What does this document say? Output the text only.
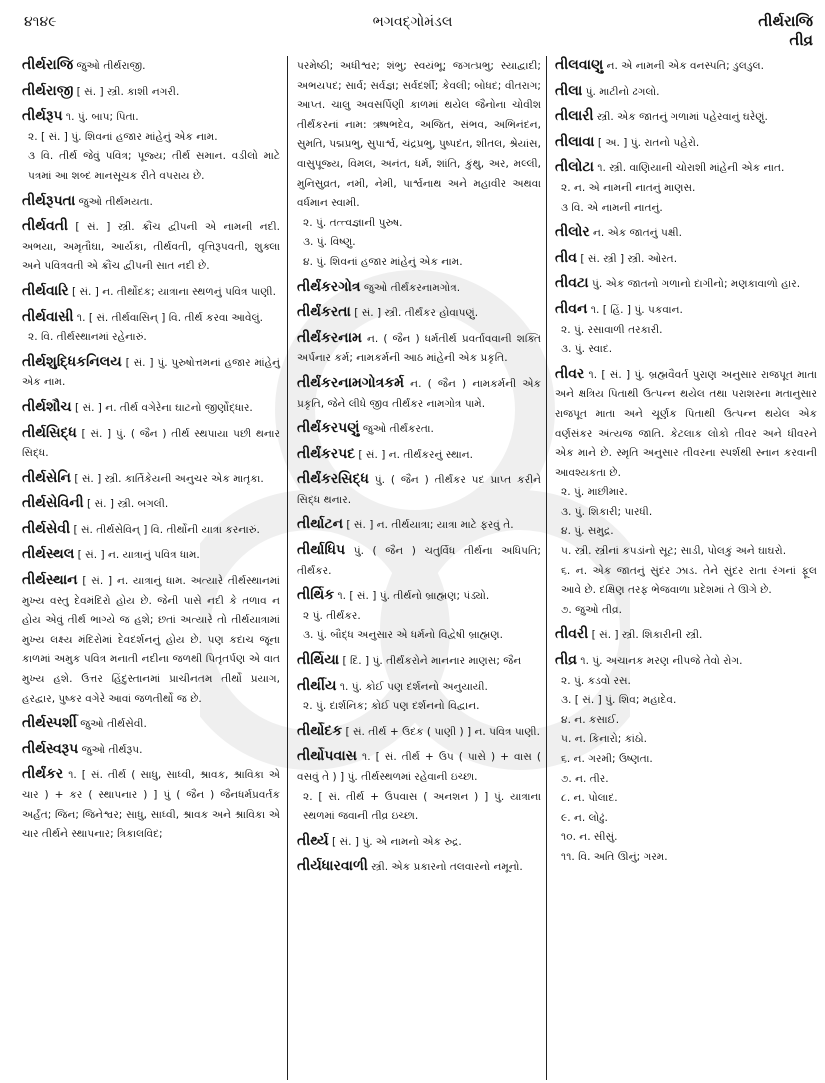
૪૧૪૯	ભગવદ્ગોમંડલ	તીર્થરાજિ
તીવ્ર

તીર્થરાજિ જુઓ તીર્થરાજી.

તીર્થરાજી [ સં. ] સ્ત્રી. કાશી નગરી.

તીર્થરૂપ ૧. પું. બાપ; પિતા.
૨. [ સં. ] પું. શિવનાં હજાર માંહેનું એક નામ.
૩ વિ. તીર્થ જેવું પવિત્ર; પૂજ્ય; તીર્થ સમાન. વડીલો માટે પત્રમાં આ શબ્દ માનસૂચક રીતે વપરાય છે.

તીર્થરૂપતા જુઓ તીર્થમયતા.

તીર્થવતી [ સં. ] સ્ત્રી. ક્રૌંચ દ્વીપની એ નામની નદી. અભયા, અમૃતૌઘા, આર્યકા, તીર્થવતી, વૃત્તિરૂપવતી, શુક્લા અને પવિત્રવતી એ ક્રૌંચ દ્વીપની સાત નદી છે.

તીર્થવારિ [ સં. ] ન. તીર્થોદક; યાત્રાના સ્થળનું પવિત્ર પાણી.

તીર્થવાસી ૧. [ સં. તીર્થવાસિન્ ] વિ. તીર્થ કરવા આવેલું.
૨. વિ. તીર્થસ્થાનમાં રહેનારું.

તીર્થશુદ્ધિકનિલય [ સં. ] પું. પુરુષોત્તમનાં હજાર માંહેનું એક નામ.

તીર્થશૌચ [ સં. ] ન. તીર્થ વગેરેના ઘાટનો જીર્ણોદ્ધાર.

તીર્થસિદ્ધ [ સં. ] પું. ( જૈન ) તીર્થ સ્થપાયા પછી થનાર સિદ્ધ.

તીર્થસેનિ [ સં. ] સ્ત્રી. કાર્તિકેયની અનુચર એક માતૃકા.

તીર્થસેવિની [ સં. ] સ્ત્રી. બગલી.

તીર્થસેવી [ સં. તીર્થસેવિન્ ] વિ. તીર્થોની યાત્રા કરનારું.

તીર્થસ્થલ [ સં. ] ન. યાત્રાનું પવિત્ર ધામ.

તીર્થસ્થાન [ સં. ] ન. યાત્રાનું ધામ. અત્યારે તીર્થસ્થાનમાં મુખ્ય વસ્તુ દેવમંદિરો હોય છે. જેની પાસે નદી કે તળાવ ન હોય એવું તીર્થ ભાગ્યે જ હશે; છતાં અત્યારે તો તીર્થયાત્રામાં મુખ્ય લક્ષ્ય મંદિરોમાં દેવદર્શનનું હોય છે. પણ કદાચ જૂના કાળમાં અમુક પવિત્ર મનાતી નદીના જળથી પિતૃતર્પણ એ વાત મુખ્ય હશે. ઉત્તર હિંદુસ્તાનમાં પ્રાચીનતમ તીર્થો પ્રયાગ, હરદ્વાર, પુષ્કર વગેરે આવાં જળતીર્થો જ છે.

તીર્થસ્પર્શી જુઓ તીર્થસેવી.

તીર્થસ્વરૂપ જુઓ તીર્થરૂપ.

તીર્થંકર ૧. [ સં. તીર્થ ( સાધુ, સાધ્વી, શ્રાવક, શ્રાવિકા એ ચાર ) + કર ( સ્થાપનાર ) ] પું ( જૈન ) જૈનધર્મપ્રવર્તક અર્હંત; જિન; જિનેશ્વર; સાધુ, સાધ્વી, શ્રાવક અને શ્રાવિકા એ ચાર તીર્થને સ્થાપનાર; ત્રિકાલવિદ;

પરમેષ્ઠી; અધીશ્વર; શંભુ; સ્વયંભૂ; જગત્પ્રભુ; સ્યાદ્વાદી; અભયપદ; સાર્વ; સર્વજ્ઞ; સર્વદર્શી; કેવલી; બોધદ; વીતરાગ; આપ્ત. ચાલુ અવસર્પિણી કાળમાં થયેલ જૈનોના ચોવીશ તીર્થંકરનાં નામ: ઋષભદેવ, અજિત, સંભવ, અભિનંદન, સુમતિ, પદ્મપ્રભુ, સુપાર્શ્વ, ચંદ્રપ્રભુ, પુષ્પદંત, શીતલ, શ્રેયાંસ, વાસુપૂજ્ય, વિમલ, અનંત, ધર્મ, શાંતિ, કુંથુ, અર, મલ્લી, મુનિસુવ્રત, નમી, નેમી, પાર્શ્વનાથ અને મહાવીર અથવા વર્ધમાન સ્વામી.
૨. પું. તત્ત્વજ્ઞાની પુરુષ.
૩. પું. વિષ્ણુ.
૪. પું. શિવનાં હજાર માંહેનું એક નામ.

તીર્થંકરગોત્ર જુઓ તીર્થંકરનામગોત્ર.

તીર્થંકરતા [ સં. ] સ્ત્રી. તીર્થંકર હોવાપણું.

તીર્થંકરનામ ન. ( જૈન ) ધર્મતીર્થ પ્રવર્તાવવાની શક્તિ અર્પનાર કર્મ; નામકર્મની આઠ માંહેની એક પ્રકૃતિ.

તીર્થંકરનામગોત્રકર્મ ન. ( જૈન ) નામકર્મની એક પ્રકૃતિ, જેને લીધે જીવ તીર્થંકર નામગોત્ર પામે.

તીર્થંકરપણું જુઓ તીર્થંકરતા.

તીર્થંકરપદ [ સં. ] ન. તીર્થંકરનું સ્થાન.

તીર્થંકરસિદ્ધ પું. ( જૈન ) તીર્થંકર પદ પ્રાપ્ત કરીને સિદ્ધ થનાર.

તીર્થાટન [ સં. ] ન. તીર્થયાત્રા; યાત્રા માટે ફરવું તે.

તીર્થાધિપ પું. ( જૈન ) ચતુર્વિધ તીર્થના અધિપતિ; તીર્થંકર.

તીર્થિક ૧. [ સં. ] પું. તીર્થનો બ્રાહ્મણ; પંડ્યો.
૨ પું. તીર્થંકર.
૩. પું. બૌદ્ધ અનુસાર એ ધર્મનો વિદ્વેષી બ્રાહ્મણ.

તીર્થિયા [ દિં. ] પું. તીર્થંકરોને માનનાર માણસ; જૈન

તીર્થીય ૧. પું. કોઈ પણ દર્શનનો અનુયાયી.
૨. પું. દાર્શનિક; કોઈ પણ દર્શનનો વિદ્વાન.

તીર્થોદક [ સં. તીર્થ + ઉદક ( પાણી ) ] ન. પવિત્ર પાણી.

તીર્થોપવાસ ૧. [ સં. તીર્થ + ઉપ ( પાસે ) + વાસ ( વસવું તે ) ] પું. તીર્થસ્થળમાં રહેવાની ઇચ્છા.
૨. [ સં. તીર્થ + ઉપવાસ ( અનશન ) ] પું. યાત્રાના સ્થળમાં જવાની તીવ્ર ઇચ્છા.

તીર્થ્ય [ સં. ] પું. એ નામનો એક રુદ્ર.

તીર્યધારવાળી સ્ત્રી. એક પ્રકારનો તલવારનો નમૂનો.

તીલવાણુ ન. એ નામની એક વનસ્પતિ; ડુલડુલ.

તીલા પું. માટીનો ઢગલો.

તીલારી સ્ત્રી. એક જાતનું ગળામાં પહેરવાનું ઘરેણું.

તીલાવા [ અ. ] પું. રાતનો પહેરો.

તીલોટા ૧. સ્ત્રી. વાણિયાની ચોરાશી માંહેની એક નાત.
૨. ન. એ નામની નાતનું માણસ.
૩ વિ. એ નામની નાતનું.

તીલોર ન. એક જાતનું પક્ષી.

તીવ [ સં. સ્ત્રી ] સ્ત્રી. ઓરત.

તીવટા પું. એક જાતનો ગળાનો દાગીનો; મણકાવાળો હાર.

તીવન ૧. [ હિં. ] પું. પકવાન.
૨. પું. રસાવાળી તરકારી.
૩. પું. સ્વાદ.

તીવર ૧. [ સં. ] પું. બ્રહ્મવૈવર્ત પુરાણ અનુસાર રાજપૂત માતા અને ક્ષત્રિય પિતાથી ઉત્પન્ન થયેલ તથા પરાશરના મતાનુસાર રાજપૂત માતા અને ચૂર્ણક પિતાથી ઉત્પન્ન થયેલ એક વર્ણસંકર અંત્યજ જાતિ. કેટલાક લોકો તીવર અને ધીવરને એક માને છે. સ્મૃતિ અનુસાર તીવરના સ્પર્શથી સ્નાન કરવાની આવશ્યકતા છે.
૨. પું. માછીમાર.
૩. પું. શિકારી; પારધી.
૪. પું. સમુદ્ર.
૫. સ્ત્રી. સ્ત્રીનાં કપડાંનો સૂટ; સાડી, પોલકું અને ઘાઘરો.
૬. ન. એક જાતનું સુંદર ઝાડ. તેને સુંદર રાતા રંગનાં ફૂલ આવે છે. દક્ષિણ તરફ ભેજવાળા પ્રદેશમાં તે ઊગે છે.
૭. જુઓ તીવ્ર.

તીવરી [ સં. ] સ્ત્રી. શિકારીની સ્ત્રી.

તીવ્ર ૧. પું. અચાનક મરણ નીપજે તેવો રોગ.
૨. પું. કડવો રસ.
૩. [ સં. ] પું. શિવ; મહાદેવ.
૪. ન. કસાઈ.
૫. ન. કિનારો; કાંઠો.
૬. ન. ગરમી; ઉષ્ણતા.
૭. ન. તીર.
૮. ન. પોલાદ.
૯. ન. લોઢું.
૧૦. ન. સીસું.
૧૧. વિ. અતિ ઊનું; ગરમ.
